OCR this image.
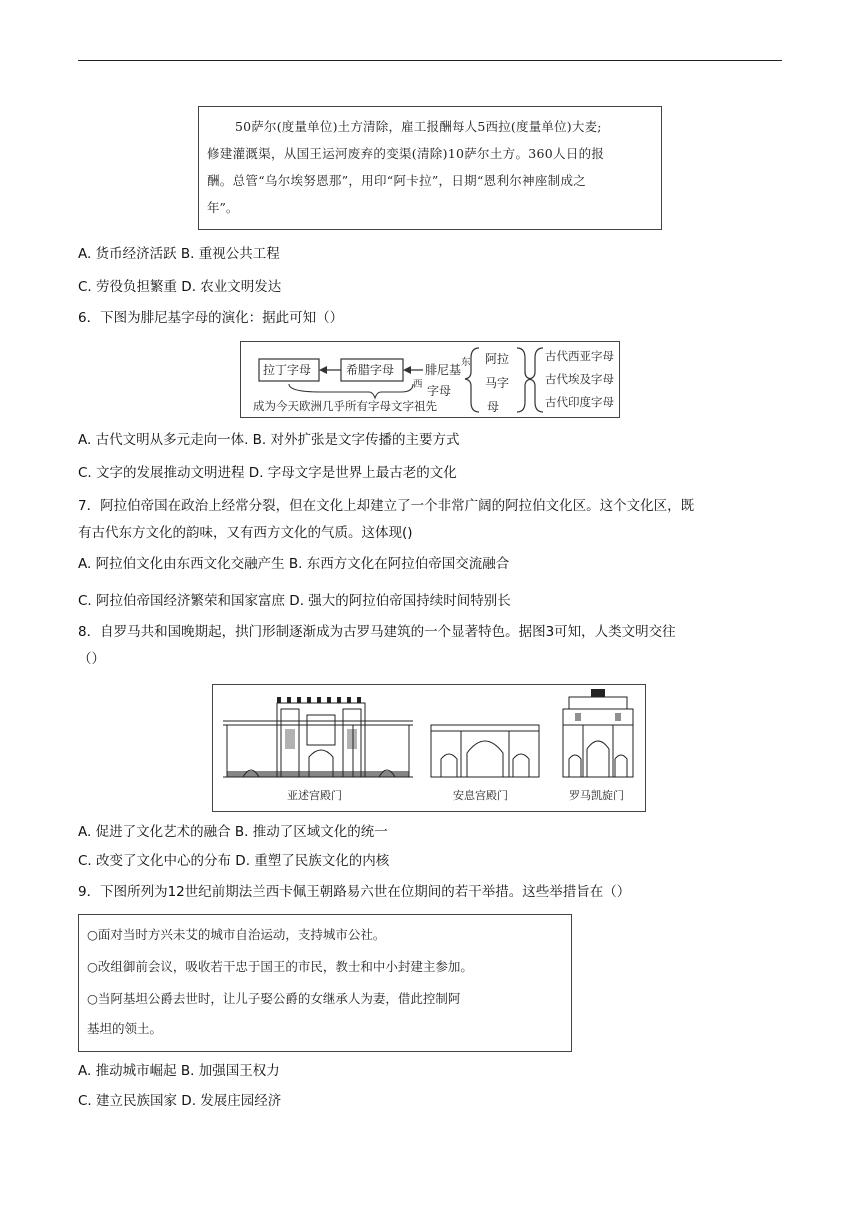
50萨尔(度量单位)土方清除，雇工报酬每人5西拉(度量单位)大麦;
修建灌溉渠，从国王运河废弃的变渠(清除)10萨尔土方。360人日的报
酬。总管“乌尔埃努恩那”，用印“阿卡拉”，日期“恩利尔神座制成之
年”。
A. 货币经济活跃 B. 重视公共工程
C. 劳役负担繁重 D. 农业文明发达
6．下图为腓尼基字母的演化：据此可知（）
拉丁字母	希腊字母	腓尼基
字母
东
西
阿拉
马字
母
古代西亚字母
古代埃及字母
古代印度字母
成为今天欧洲几乎所有字母文字祖先
A. 古代文明从多元走向一体. B. 对外扩张是文字传播的主要方式
C. 文字的发展推动文明进程 D. 字母文字是世界上最古老的文化
7．阿拉伯帝国在政治上经常分裂，但在文化上却建立了一个非常广阔的阿拉伯文化区。这个文化区，既
有古代东方文化的韵味，又有西方文化的气质。这体现()
A. 阿拉伯文化由东西文化交融产生 B. 东西方文化在阿拉伯帝国交流融合
C. 阿拉伯帝国经济繁荣和国家富庶 D. 强大的阿拉伯帝国持续时间特别长
8．自罗马共和国晚期起，拱门形制逐渐成为古罗马建筑的一个显著特色。据图3可知，人类文明交往
（）
亚述宫殿门	安息宫殿门	罗马凯旋门
A. 促进了文化艺术的融合 B. 推动了区域文化的统一
C. 改变了文化中心的分布 D. 重塑了民族文化的内核
9．下图所列为12世纪前期法兰西卡佩王朝路易六世在位期间的若干举措。这些举措旨在（）
○面对当时方兴未艾的城市自治运动，支持城市公社。
○改组御前会议，吸收若干忠于国王的市民，教士和中小封建主参加。
○当阿基坦公爵去世时，让儿子娶公爵的女继承人为妻，借此控制阿
基坦的领土。
A. 推动城市崛起 B. 加强国王权力
C. 建立民族国家 D. 发展庄园经济
